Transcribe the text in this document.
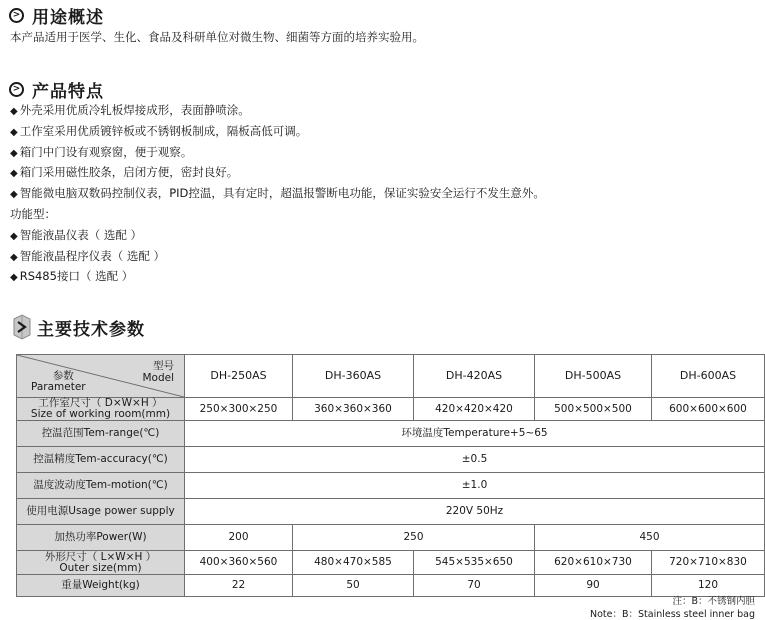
> 用途概述
本产品适用于医学、生化、食品及科研单位对微生物、细菌等方面的培养实验用。
> 产品特点
◆ 外壳采用优质冷轧板焊接成形，表面静喷涂。
◆ 工作室采用优质镀锌板或不锈钢板制成，隔板高低可调。
◆ 箱门中门设有观察窗，便于观察。
◆ 箱门采用磁性胶条，启闭方便，密封良好。
◆ 智能微电脑双数码控制仪表，PID控温，具有定时，超温报警断电功能，保证实验安全运行不发生意外。
功能型：
◆ 智能液晶仪表（ 选配 ）
◆ 智能液晶程序仪表（ 选配 ）
◆ RS485接口（ 选配 ）
主要技术参数
型号
Model
参数
Parameter	DH-250AS	DH-360AS	DH-420AS	DH-500AS	DH-600AS

工作室尺寸（ D×W×H ）
Size of working room(mm)	250×300×250	360×360×360	420×420×420	500×500×500	600×600×600
控温范围Tem-range(℃)	环境温度Temperature+5~65				
控温精度Tem-accuracy(℃)	±0.5				
温度波动度Tem-motion(℃)	±1.0				
使用电源Usage power supply	220V 50Hz				
加热功率Power(W)	200	250		450	

外形尺寸（ L×W×H ）
Outer size(mm)	400×360×560	480×470×585	545×535×650	620×610×730	720×710×830
重量Weight(kg)	22	50	70	90	120
注：B：不锈钢内胆
Note：B：Stainless steel inner bag
